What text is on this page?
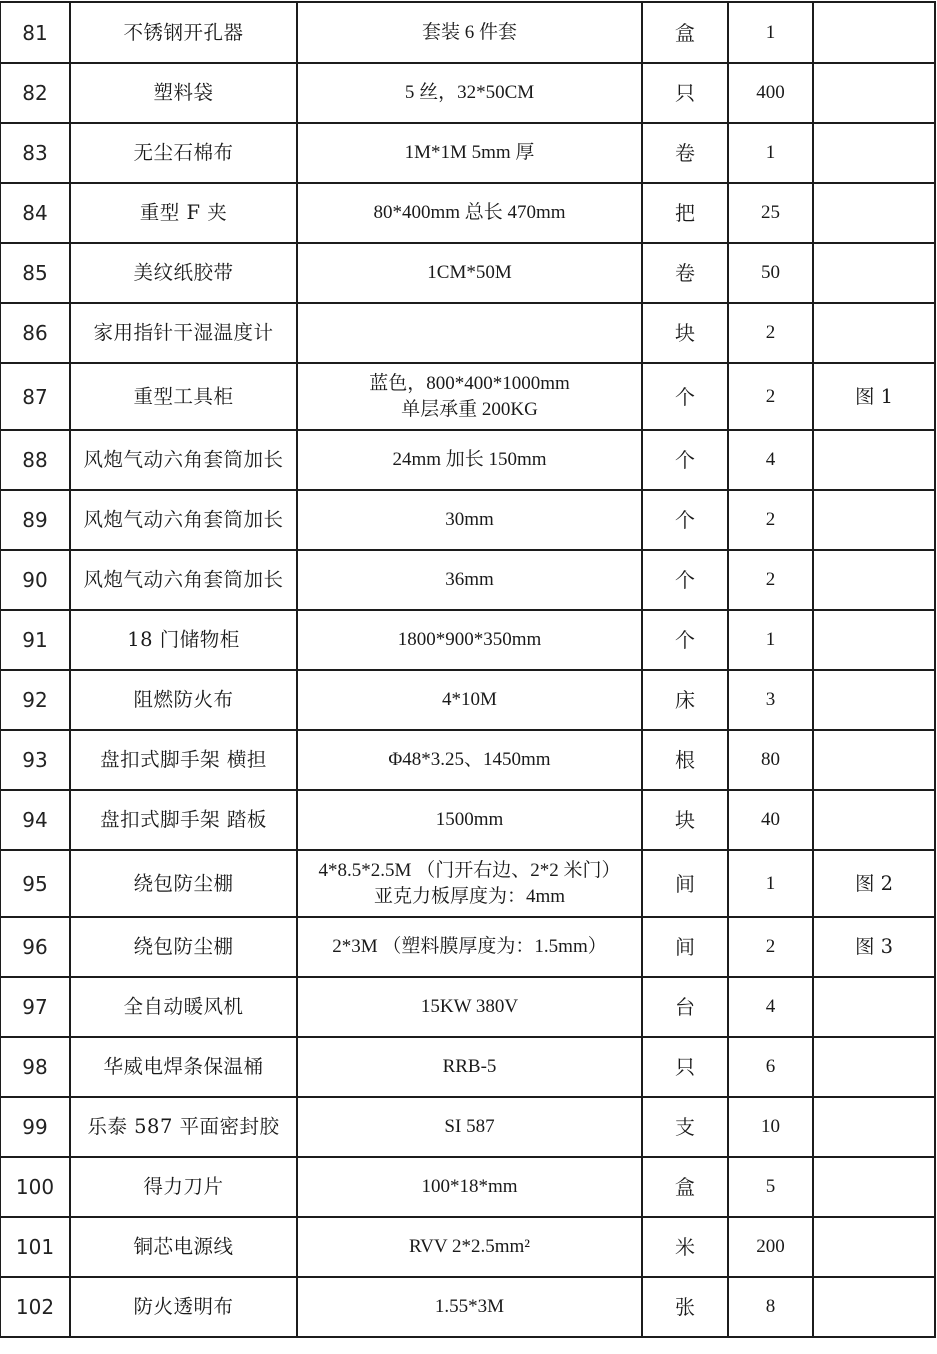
81	不锈钢开孔器	套装 6 件套	盒	1	
82	塑料袋	5 丝，32*50CM	只	400	
83	无尘石棉布	1M*1M 5mm 厚	卷	1	
84	重型 F 夹	80*400mm 总长 470mm	把	25	
85	美纹纸胶带	1CM*50M	卷	50	
86	家用指针干湿温度计		块	2	
87	重型工具柜	蓝色，800*400*1000mm
单层承重 200KG	个	2	图 1
88	风炮气动六角套筒加长	24mm 加长 150mm	个	4	
89	风炮气动六角套筒加长	30mm	个	2	
90	风炮气动六角套筒加长	36mm	个	2	
91	18 门储物柜	1800*900*350mm	个	1	
92	阻燃防火布	4*10M	床	3	
93	盘扣式脚手架 横担	Φ48*3.25、1450mm	根	80	
94	盘扣式脚手架 踏板	1500mm	块	40	
95	绕包防尘棚	4*8.5*2.5M （门开右边、2*2 米门）
亚克力板厚度为：4mm	间	1	图 2
96	绕包防尘棚	2*3M （塑料膜厚度为：1.5mm）	间	2	图 3
97	全自动暖风机	15KW 380V	台	4	
98	华威电焊条保温桶	RRB-5	只	6	
99	乐泰 587 平面密封胶	SI 587	支	10	
100	得力刀片	100*18*mm	盒	5	
101	铜芯电源线	RVV 2*2.5mm²	米	200	
102	防火透明布	1.55*3M	张	8	
